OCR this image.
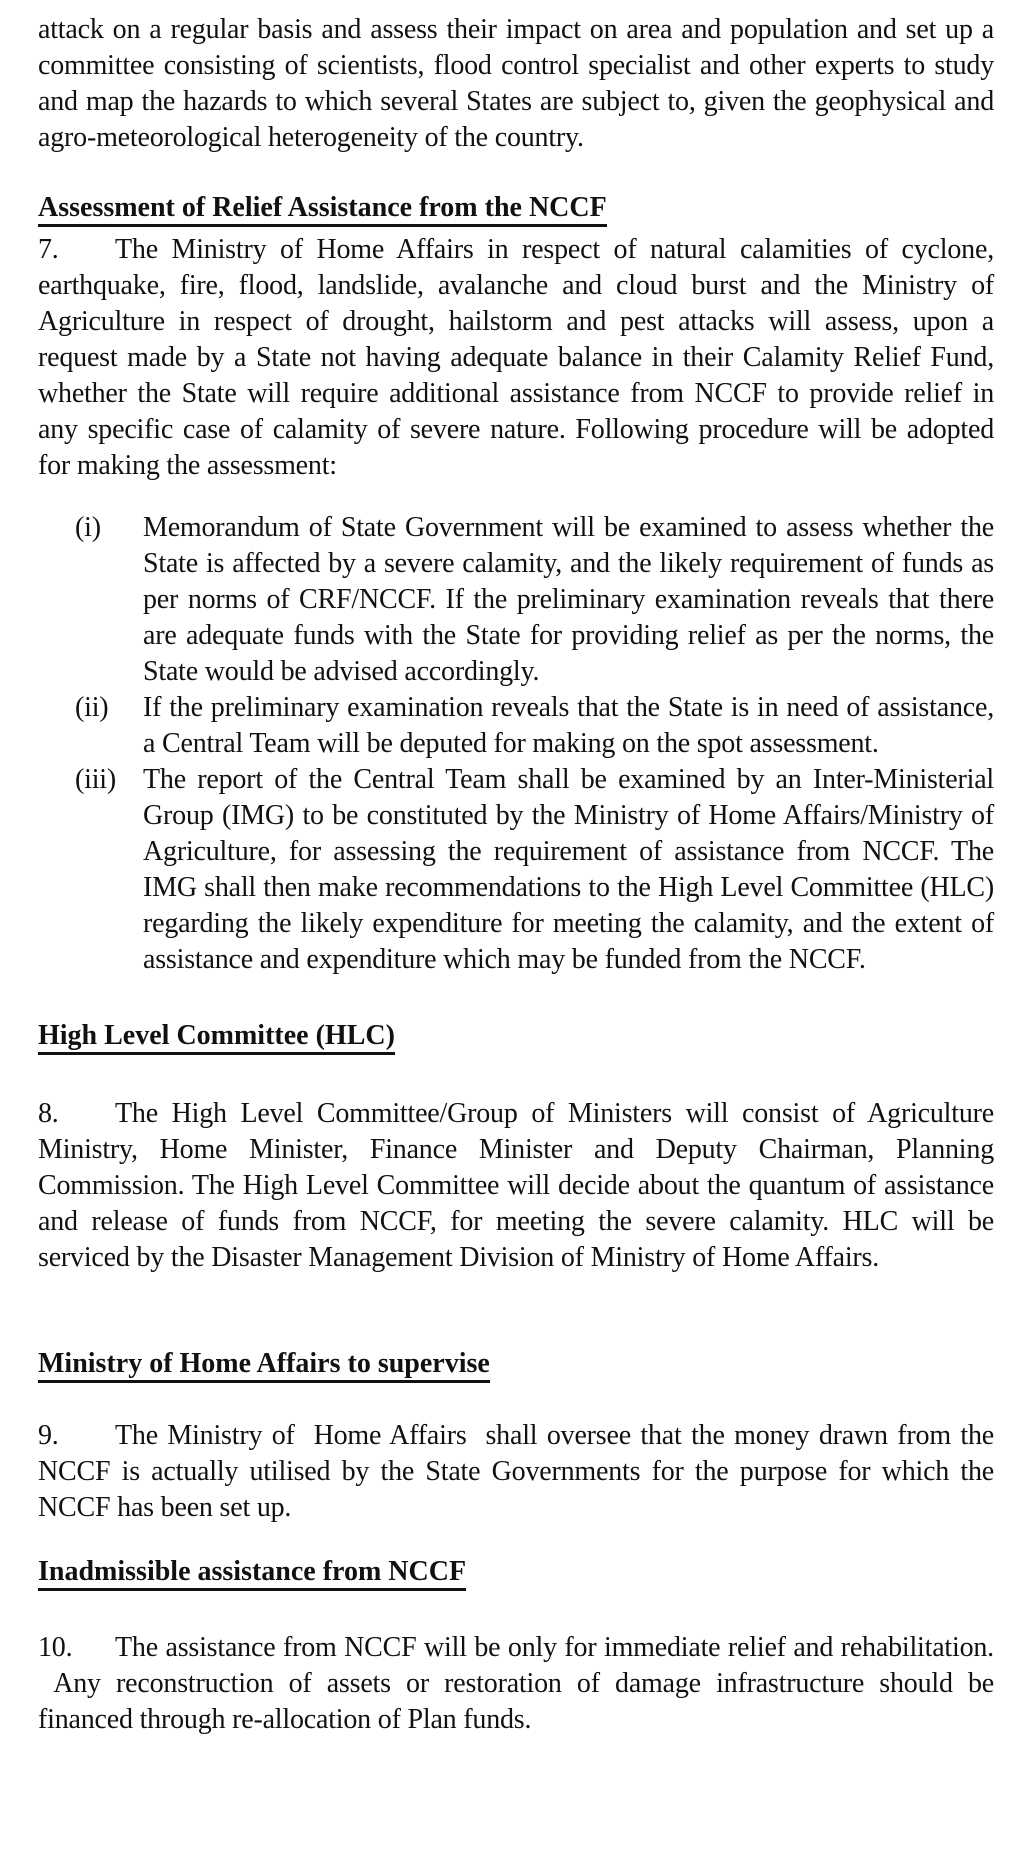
attack on a regular basis and assess their impact on area and population and set up a committee consisting of scientists, flood control specialist and other experts to study and map the hazards to which several States are subject to, given the geophysical and agro-meteorological heterogeneity of the country.

Assessment of Relief Assistance from the NCCF

7. The Ministry of Home Affairs in respect of natural calamities of cyclone, earthquake, fire, flood, landslide, avalanche and cloud burst and the Ministry of Agriculture in respect of drought, hailstorm and pest attacks will assess, upon a request made by a State not having adequate balance in their Calamity Relief Fund, whether the State will require additional assistance from NCCF to provide relief in any specific case of calamity of severe nature. Following procedure will be adopted for making the assessment:

(i)	Memorandum of State Government will be examined to assess whether the State is affected by a severe calamity, and the likely requirement of funds as per norms of CRF/NCCF. If the preliminary examination reveals that there are adequate funds with the State for providing relief as per the norms, the State would be advised accordingly.
(ii)	If the preliminary examination reveals that the State is in need of assistance, a Central Team will be deputed for making on the spot assessment.
(iii) The report of the Central Team shall be examined by an Inter-Ministerial Group (IMG) to be constituted by the Ministry of Home Affairs/Ministry of Agriculture, for assessing the requirement of assistance from NCCF. The IMG shall then make recommendations to the High Level Committee (HLC) regarding the likely expenditure for meeting the calamity, and the extent of assistance and expenditure which may be funded from the NCCF.
High Level Committee (HLC)

8. The High Level Committee/Group of Ministers will consist of Agriculture Ministry, Home Minister, Finance Minister and Deputy Chairman, Planning Commission. The High Level Committee will decide about the quantum of assistance and release of funds from NCCF, for meeting the severe calamity. HLC will be serviced by the Disaster Management Division of Ministry of Home Affairs.

Ministry of Home Affairs to supervise

9. The Ministry of  Home Affairs  shall oversee that the money drawn from the NCCF is actually utilised by the State Governments for the purpose for which the NCCF has been set up.

Inadmissible assistance from NCCF

10. The assistance from NCCF will be only for immediate relief and rehabilitation.  Any reconstruction of assets or restoration of damage infrastructure should be financed through re-allocation of Plan funds.
